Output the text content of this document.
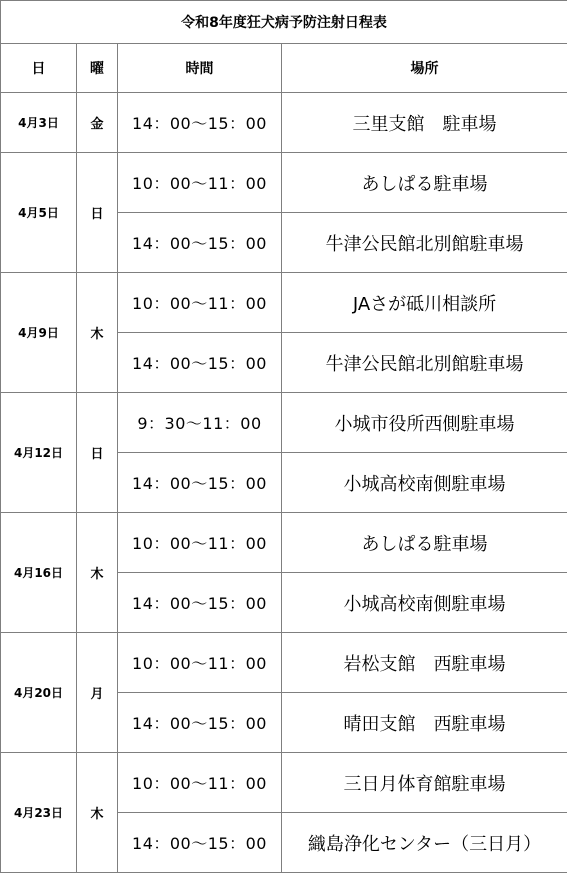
令和8年度狂犬病予防注射日程表			
日	曜	時間	場所
4月3日	金	14：00～15：00	三里支館　駐車場
4月5日	日	10：00～11：00	あしぱる駐車場
		14：00～15：00	牛津公民館北別館駐車場
4月9日	木	10：00～11：00	JAさが砥川相談所
		14：00～15：00	牛津公民館北別館駐車場
4月12日	日	9：30～11：00	小城市役所西側駐車場
		14：00～15：00	小城高校南側駐車場
4月16日	木	10：00～11：00	あしぱる駐車場
		14：00～15：00	小城高校南側駐車場
4月20日	月	10：00～11：00	岩松支館　西駐車場
		14：00～15：00	晴田支館　西駐車場
4月23日	木	10：00～11：00	三日月体育館駐車場
		14：00～15：00	織島浄化センター（三日月）
